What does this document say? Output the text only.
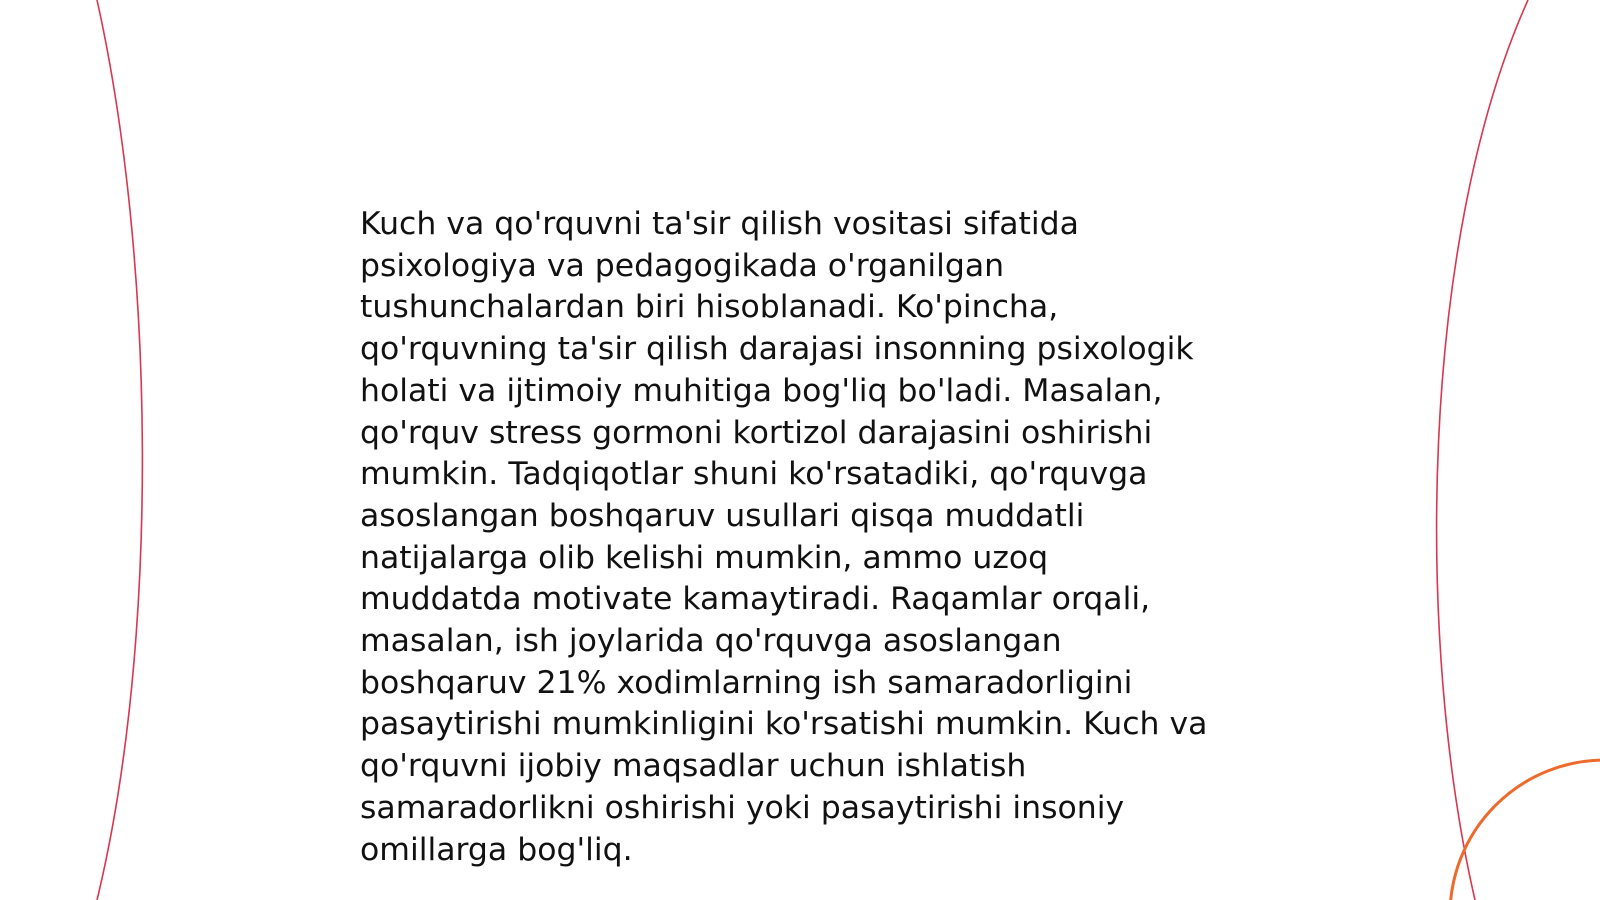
Kuch va qo'rquvni ta'sir qilish vositasi sifatida
psixologiya va pedagogikada o'rganilgan
tushunchalardan biri hisoblanadi. Ko'pincha,
qo'rquvning ta'sir qilish darajasi insonning psixologik
holati va ijtimoiy muhitiga bog'liq bo'ladi. Masalan,
qo'rquv stress gormoni kortizol darajasini oshirishi
mumkin. Tadqiqotlar shuni ko'rsatadiki, qo'rquvga
asoslangan boshqaruv usullari qisqa muddatli
natijalarga olib kelishi mumkin, ammo uzoq
muddatda motivate kamaytiradi. Raqamlar orqali,
masalan, ish joylarida qo'rquvga asoslangan
boshqaruv 21% xodimlarning ish samaradorligini
pasaytirishi mumkinligini ko'rsatishi mumkin. Kuch va
qo'rquvni ijobiy maqsadlar uchun ishlatish
samaradorlikni oshirishi yoki pasaytirishi insoniy
omillarga bog'liq.
